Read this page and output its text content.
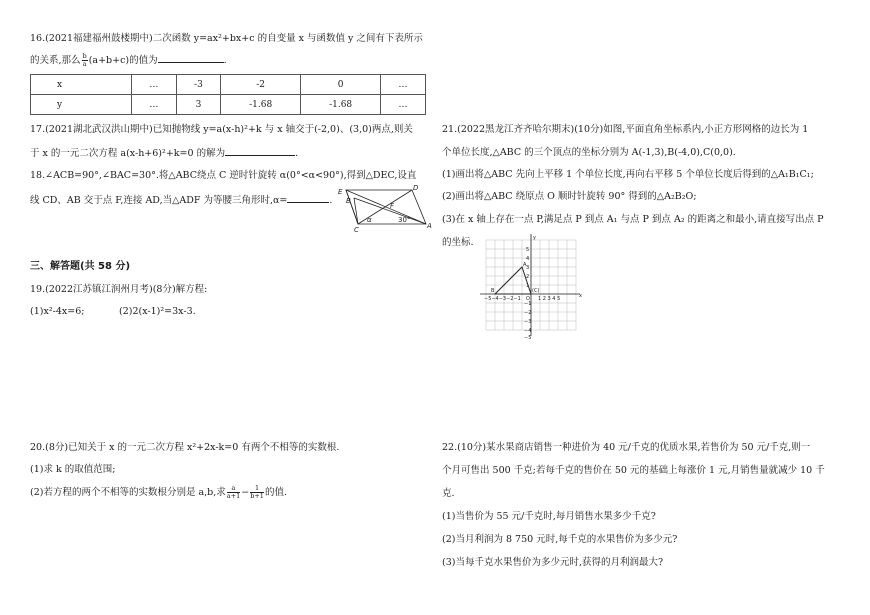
16.(2021福建福州鼓楼期中)二次函数 y=ax²+bx+c 的自变量 x 与函数值 y 之间有下表所示
的关系,那么 $\frac{b}{a} (a+b+c)$的值为	.
x	…	-3	-2	0	…
y	…	3	-1.68	-1.68	…
17.(2021湖北武汉洪山期中)已知抛物线 y=a(x-h)²+k 与 x 轴交于(-2,0)、(3,0)两点,则关
于 x 的一元二次方程 a(x-h+6)²+k=0 的解为	.
18.∠ACB=90°,∠BAC=30°.将△ABC绕点 C 逆时针旋转 α(0°<α<90°),得到△DEC,设直
线 CD、AB 交于点 F,连接 AD,当△ADF 为等腰三角形时,α=	.
E
B
D
F
C	A
α	30°
三、解答题(共 58 分)
19.(2022江苏镇江润州月考)(8分)解方程:
(1)x²-4x=6;	(2)2(x-1)²=3x-3.
20.(8分)已知关于 x 的一元二次方程 x²+2x-k=0 有两个不相等的实数根.
(1)求 k 的取值范围;
(2)若方程的两个不相等的实数根分别是 a,b,求 $\frac{a}{a+1} - \frac{1}{b+1}$ 的值.
21.(2022黑龙江齐齐哈尔期末)(10分)如图,平面直角坐标系内,小正方形网格的边长为 1
个单位长度,△ABC 的三个顶点的坐标分别为 A(-1,3),B(-4,0),C(0,0).
(1)画出将△ABC 先向上平移 1 个单位长度,再向右平移 5 个单位长度后得到的△A₁B₁C₁;
(2)画出将△ABC 绕原点 O 顺时针旋转 90° 得到的△A₂B₂O;
(3)在 x 轴上存在一点 P,满足点 P 到点 A₁ 与点 P 到点 A₂ 的距离之和最小,请直接写出点 P
的坐标.	y
x
A
B	(C)
O
−5−4−3−2−1	1 2 3 4 5
5
4
3
2
1
−1
−2
−3
−4
−5
22.(10分)某水果商店销售一种进价为 40 元/千克的优质水果,若售价为 50 元/千克,则一
个月可售出 500 千克;若每千克的售价在 50 元的基础上每涨价 1 元,月销售量就减少 10 千
克.
(1)当售价为 55 元/千克时,每月销售水果多少千克?
(2)当月利润为 8 750 元时,每千克的水果售价为多少元?
(3)当每千克水果售价为多少元时,获得的月利润最大?
